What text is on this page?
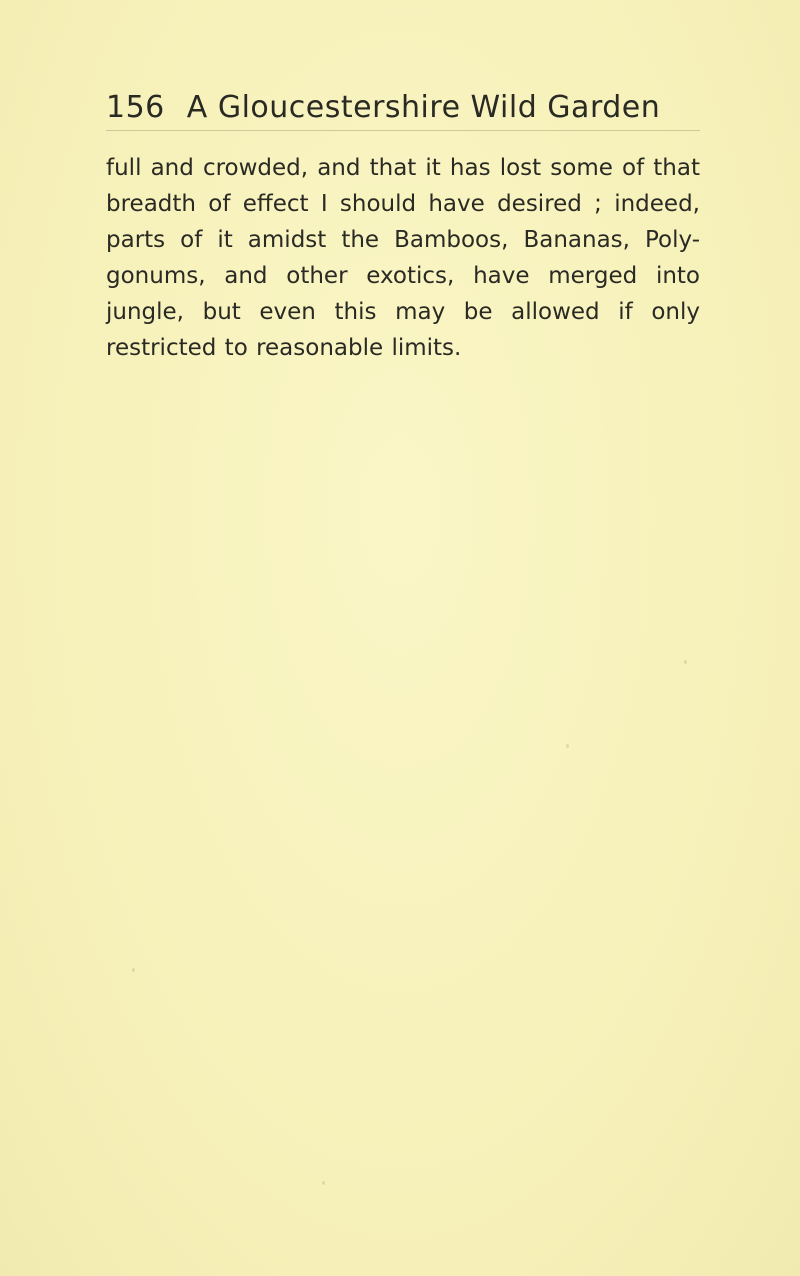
156 A Gloucestershire Wild Garden
full and crowded, and that it has lost some of that
breadth of effect I should have desired ; indeed,
parts of it amidst the Bamboos, Bananas, Poly-
gonums, and other exotics, have merged into
jungle, but even this may be allowed if only
restricted to reasonable limits.
